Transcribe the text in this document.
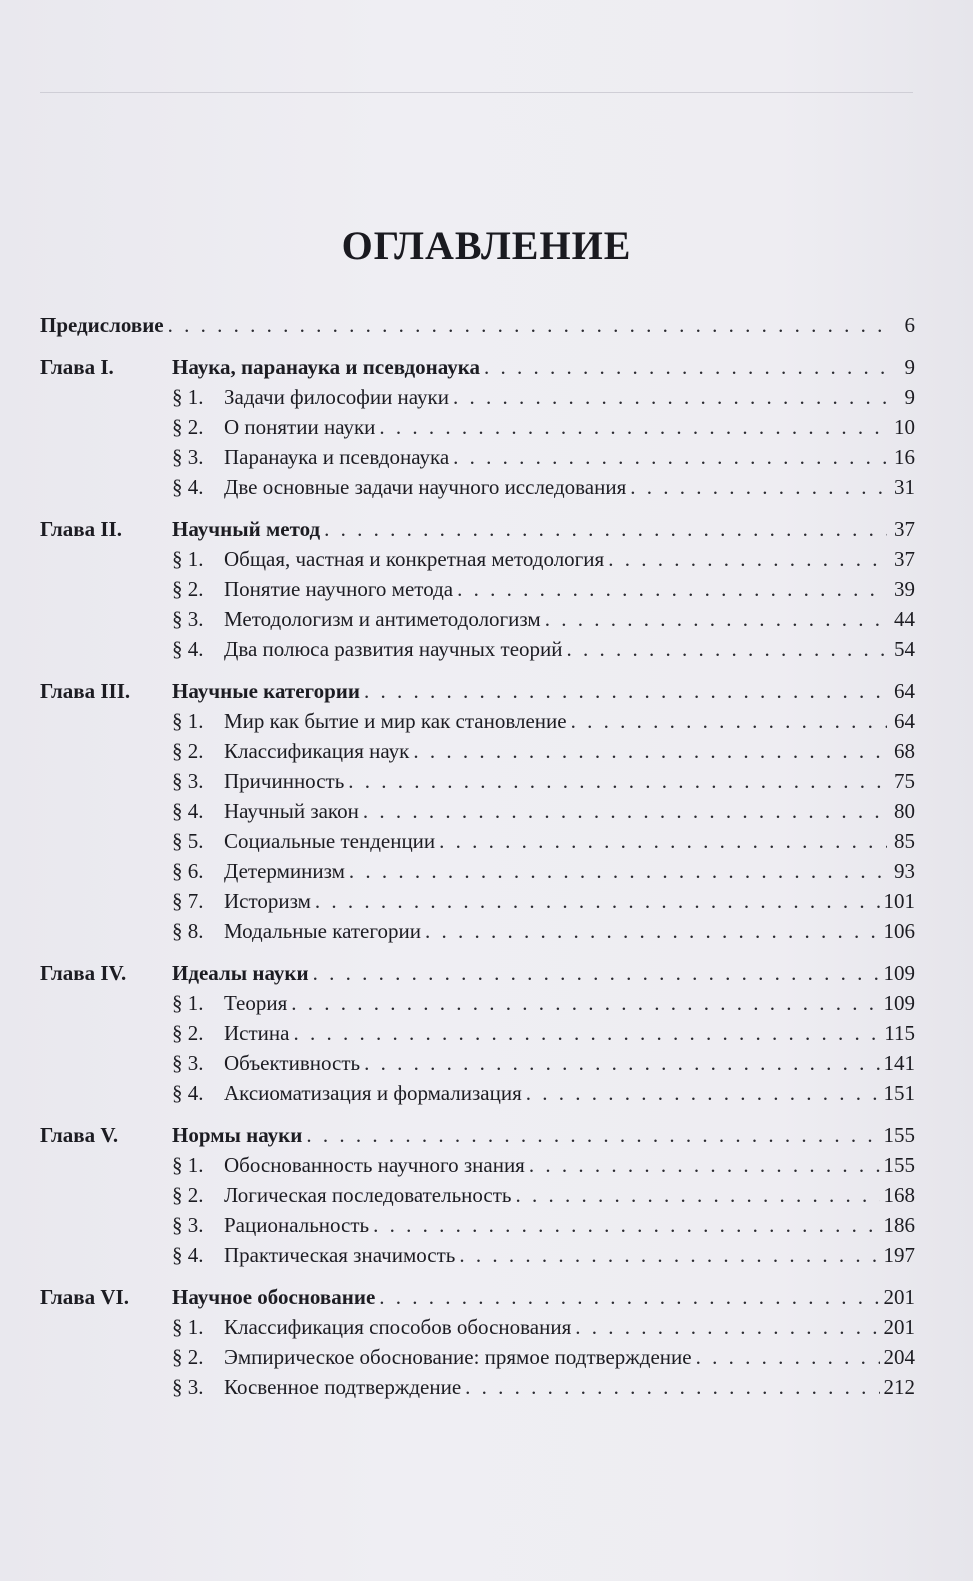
ОГЛАВЛЕНИЕ
Предисловие . . .	6
Глава I.	Наука, паранаука и псевдонаука . . .	9
§ 1. Задачи философии науки . . .	9
§ 2. О понятии науки . . .	10
§ 3. Паранаука и псевдонаука . . .	16
§ 4. Две основные задачи научного исследования . . .	31
Глава II.	Научный метод . . .	37
§ 1. Общая, частная и конкретная методология . . .	37
§ 2. Понятие научного метода . . .	39
§ 3. Методологизм и антиметодологизм . . .	44
§ 4. Два полюса развития научных теорий . . .	54
Глава III.	Научные категории . . .	64
§ 1. Мир как бытие и мир как становление . . .	64
§ 2. Классификация наук . . .	68
§ 3. Причинность . . .	75
§ 4. Научный закон . . .	80
§ 5. Социальные тенденции . . .	85
§ 6. Детерминизм . . .	93
§ 7. Историзм . . .	101
§ 8. Модальные категории . . .	106
Глава IV.	Идеалы науки . . .	109
§ 1. Теория . . .	109
§ 2. Истина . . .	115
§ 3. Объективность . . .	141
§ 4. Аксиоматизация и формализация . . .	151
Глава V.	Нормы науки . . .	155
§ 1. Обоснованность научного знания . . .	155
§ 2. Логическая последовательность . . .	168
§ 3. Рациональность . . .	186
§ 4. Практическая значимость . . .	197
Глава VI.	Научное обоснование . . .	201
§ 1. Классификация способов обоснования . . .	201
§ 2. Эмпирическое обоснование: прямое подтверждение . . .	204
§ 3. Косвенное подтверждение . . .	212
